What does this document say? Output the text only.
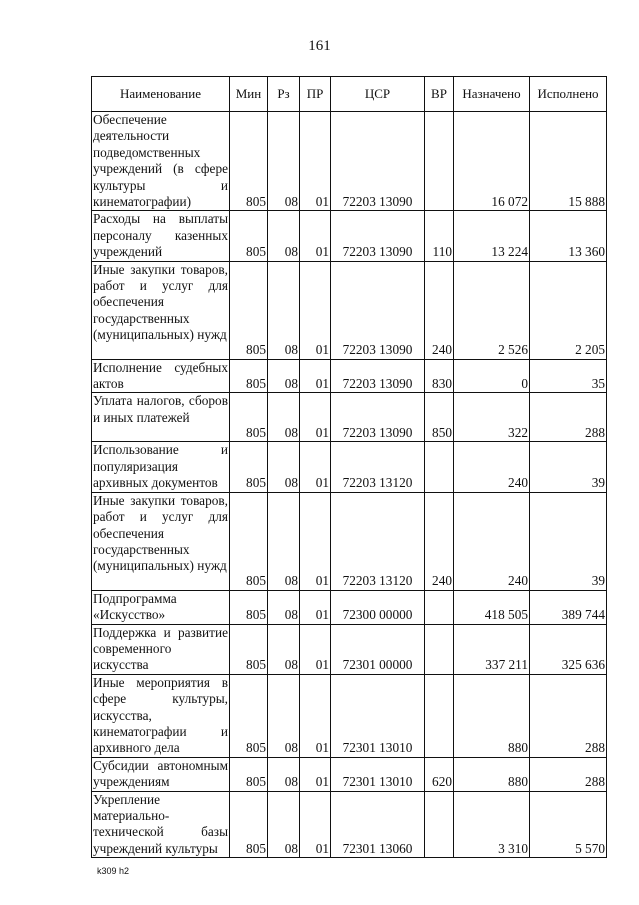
161
Наименование	Мин	Рз	ПР	ЦСР	ВР	Назначено	Исполнено
Обеспечение деятельности подведомственных учреждений (в сфере культуры и кинематографии)	805	08	01	72203 13090		16 072	15 888
Расходы на выплаты персоналу казенных учреждений	805	08	01	72203 13090	110	13 224	13 360
Иные закупки товаров, работ и услуг для обеспечения государственных (муниципальных) нужд	805	08	01	72203 13090	240	2 526	2 205
Исполнение судебных актов	805	08	01	72203 13090	830	0	35
Уплата налогов, сборов и иных платежей	805	08	01	72203 13090	850	322	288
Использование и популяризация архивных документов	805	08	01	72203 13120		240	39
Иные закупки товаров, работ и услуг для обеспечения государственных (муниципальных) нужд	805	08	01	72203 13120	240	240	39
Подпрограмма «Искусство»	805	08	01	72300 00000		418 505	389 744
Поддержка и развитие современного искусства	805	08	01	72301 00000		337 211	325 636
Иные мероприятия в сфере культуры, искусства, кинематографии и архивного дела	805	08	01	72301 13010		880	288
Субсидии автономным учреждениям	805	08	01	72301 13010	620	880	288
Укрепление материально-технической базы учреждений культуры	805	08	01	72301 13060		3 310	5 570
k309 h2
